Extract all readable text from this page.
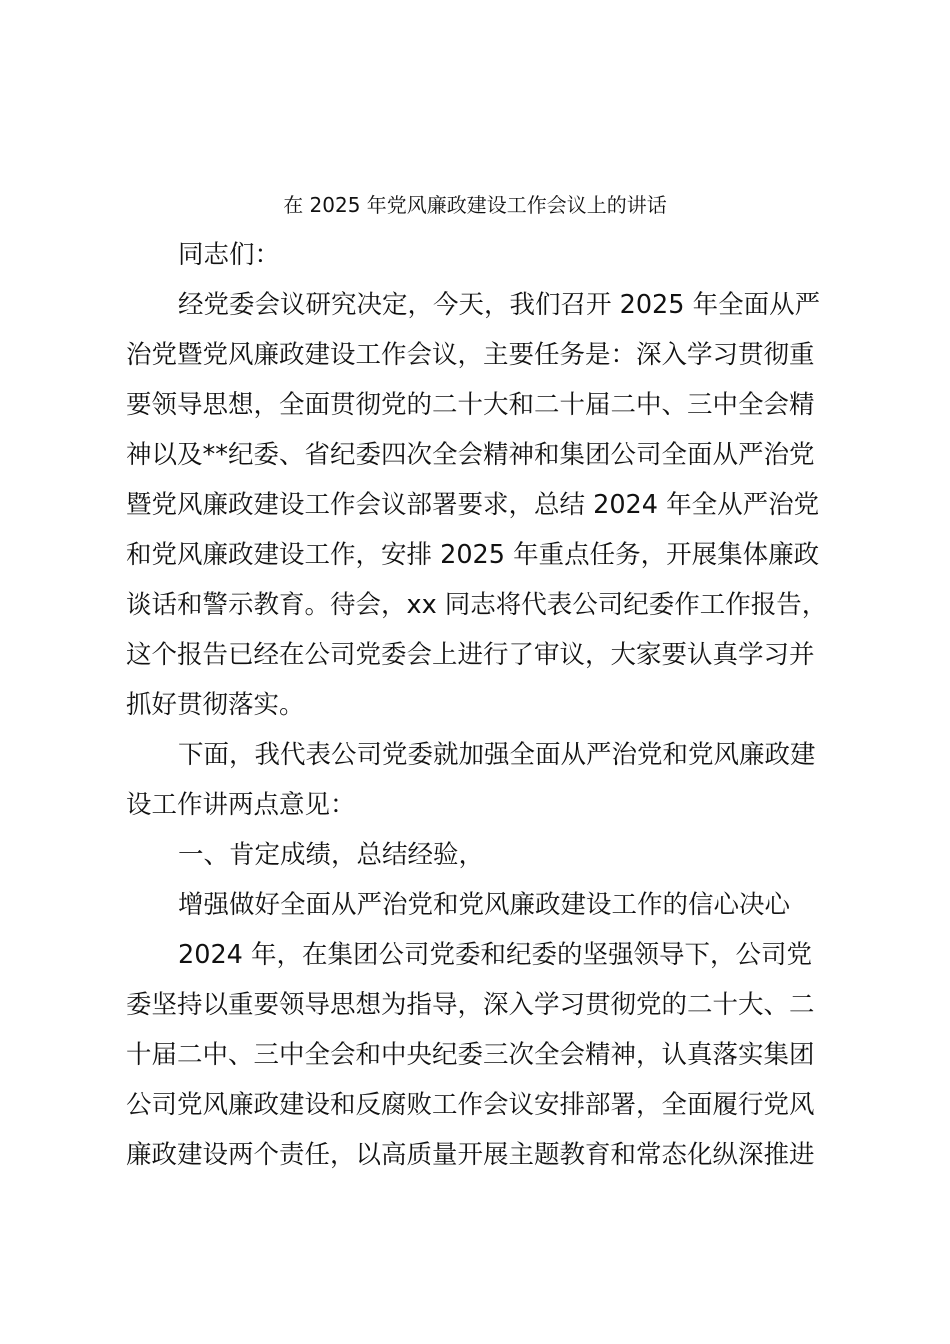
在 2025 年党风廉政建设工作会议上的讲话
同志们：
经党委会议研究决定，今天，我们召开 2025 年全面从严
治党暨党风廉政建设工作会议，主要任务是：深入学习贯彻重
要领导思想，全面贯彻党的二十大和二十届二中、三中全会精
神以及**纪委、省纪委四次全会精神和集团公司全面从严治党
暨党风廉政建设工作会议部署要求，总结 2024 年全从严治党
和党风廉政建设工作，安排 2025 年重点任务，开展集体廉政
谈话和警示教育。待会，xx 同志将代表公司纪委作工作报告，
这个报告已经在公司党委会上进行了审议，大家要认真学习并
抓好贯彻落实。
下面，我代表公司党委就加强全面从严治党和党风廉政建
设工作讲两点意见：
一、肯定成绩，总结经验，
增强做好全面从严治党和党风廉政建设工作的信心决心
2024 年，在集团公司党委和纪委的坚强领导下，公司党
委坚持以重要领导思想为指导，深入学习贯彻党的二十大、二
十届二中、三中全会和中央纪委三次全会精神，认真落实集团
公司党风廉政建设和反腐败工作会议安排部署，全面履行党风
廉政建设两个责任，以高质量开展主题教育和常态化纵深推进
